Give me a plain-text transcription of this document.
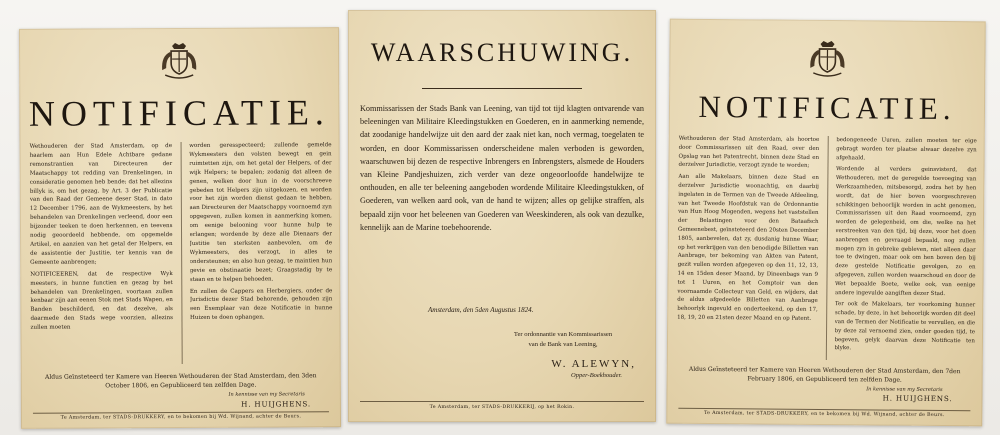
NOTIFICATIE.

Wethouderen der Stad Amsterdam, op de haarlem aan Hun Edele Achtbare gedane remonstrantien van Directeuren der Maatschappy tot redding van Drenkelingen, in consideratie genomen heb bende; dat het allezins billyk is, om het gezag, by Art. 3 der Publicatie van den Raad der Gemeene deser Stad, in dato 12 December 1796, aan de Wykmeesters, by het behandelen van Drenkelingen verleend, door een bijzonder teeken te doen herkennen, en teevens nodig geoordeeld hebbende, om opgemelde Artikel, en aanzien van het getal der Helpers, en de assistentie der Justitie, ter kennis van de Gemeente aanbrengen;

NOTIFICEEREN, dat de respective Wyk meesters, in hunne functien en gezag by het behandelen van Drenkelingen, voortaan zullen kenbaar zijn aan eenen Stok met Stads Wapen, en Banden beschilderd, en dat dezelve, als daarmede den Stads wege voorzien, allezins zullen moeten

worden geresspecteerd; zullende gemelde Wykmeesters den volsten bewegt en gein ruimtetten zijn, om het getal der Helpers, of der wijk Helpers; te bepalen; zodanig dat alleen de genen, welken door hun in de voorschreeve gebeden tot Helpers zijn uitgekozen, en worden voor het zijn worden dienst gedaan te hebben, aan Directeuren der Maatschappy voornoemd zyn opgegeven, zullen komen in aanmerking komen, om eenige belooning voor hunne hulp te erlangen; wordende by deze alle Dienaars der Justitie ten sterksten aanbevolen, om de Wykmeesters, des verzogt, in alles te ondersteunen; en also hun gezag, te maintien hun gevie en obstinaatie bezet; Graagstadig by te staan en te helpen behoeden.

En zullen de Cappers en Herbergiers, onder de Jurisdictie dezer Stad behorende, gehouden zijn een Exemplaar van deze Notificatie in hunne Huizen te doen ophangen.

Aldus Geïnsteteerd ter Kamere van Heeren Wethouderen der Stad Amsterdam, den 3den October 1806, en Gepubliceerd ten zelfden Dage.
In kennisse van my Secretaris
H. HUIJGHENS.
Te Amsterdam, ter STADS-DRUKKERY, en te bekomen bij Wd. Wijnand, achter de Beurs.
WAARSCHUWING.
Kommissarissen der Stads Bank van Leening, van tijd tot tijd klagten ontvarende van beleeningen van Militaire Kleedingstukken en Goederen, en in aanmerking nemende, dat zoodanige handelwijze uit den aard der zaak niet kan, noch vermag, toegelaten te worden, en door Kommissarissen onderscheidene malen verboden is geworden, waarschuwen bij dezen de respective Inbrengers en Inbrengsters, alsmede de Houders van Kleine Pandjeshuizen, zich verder van deze ongeoorloofde handelwijze te onthouden, en alle ter beleening aangeboden wordende Militaire Kleedingstukken, of Goederen, van welken aard ook, van de hand te wijzen; alles op gelijke straffen, als bepaald zijn voor het beleenen van Goederen van Weeskinderen, als ook van dezulke, kennelijk aan de Marine toebehoorende.
Amsterdam, den 5den Augustus 1824.
Ter ordonnantie van Kommissarissen
van de Bank van Leening,
W. ALEWYN,
Opper-Boekhouder.
Te Amsterdam, ter STADS-DRUKKERIJ, op het Rokin.
NOTIFICATIE.

Wethouderen der Stad Amsterdam, als hoortoe door Commissarissen uit den Raad, over den Opslag van het Patentrecht, binnen deze Stad en derzelver Jurisdictie, verzogt zynde te worden;

Aan alle Makelaars, binnen deze Stad en derzelver Jurisdictie woonachtig, en daarbij ingelaten in de Termen van de Tweede Afdeeling, van het Tweede Hoofdstuk van de Ordonnantie van Hun Hoog Mogenden, wegens het vaststellen der Belastingen voor den Bataafsch Gemeenebest, geïnsteteerd den 20sten December 1805, aanbevelen, dat zy, dusdanig hunne Waar, op het verkrijgen van den benodigde Billetten van Aanbrage, ter bekoming van Akten van Patent, gezit vullen worden afgegeven op den 11, 12, 13, 14 en 15den deser Maand, by Dineenbags van 9 tot 1 Uuren, en het Comptoir van den voornaamde Collecteur van Geld, en wijders, dat de aldus afgedeelde Billetten van Aanbrage behoorlyk ingevuld en onderteekend, op den 17, 18, 19, 20 en 21sten dezer Maand en op Patent.

bedongeneede Uuren, zullen moeten ter eige gebragt worden ter plaatse alwaar dezelve zyn afgehaald.

Wordende al verders geinsvisterd, dat Wethouderen, met de geregelde toevoeging van Werkzaamheden, mitsbesorgd, zodra het by hen wordt, dat de hier boven voorgeschreven schikkingen behoorlijk worden in acht genomen, Commissarissen uit den Raad voornoemd, zyn worden de gelegenheid, om die, welke na het verstreeken van den tijd, bij deze, voor het doen aanbrengen en gevraagd bepaald, nog zullen mogen zyn in gebreke gebleven, niet alleen daar toe te dwingen, maar ook om hen boven den bij deze gestelde Notificatie gevolgen, zo en afgegeven, zullen worden waarschoud en door de Wet bepaalde Boete, welke ook, van eenige andere ingevulde aangiften dezer Stad.

Ter ook de Makelaars, ter voorkoming hunner schade, by deze, in het behoorlijk worden dit deel van de Termen der Notificatie te vervullen, en die by deze zal vernoemd zien, onder goeden tijd, te begeven, gelyk daarvan deze Notificatie ten blyke.

Aldus Geïnsteteerd ter Kamere van Heeren Wethouderen der Stad Amsterdam, den 7den February 1806, en Gepubliceerd ten zelfden Dage.
In kennisse van my Secretaris
H. HUIJGHENS.
Te Amsterdam, ter STADS-DRUKKERY, en te bekomen bij Wd. Wijnand, achter de Beurs.
